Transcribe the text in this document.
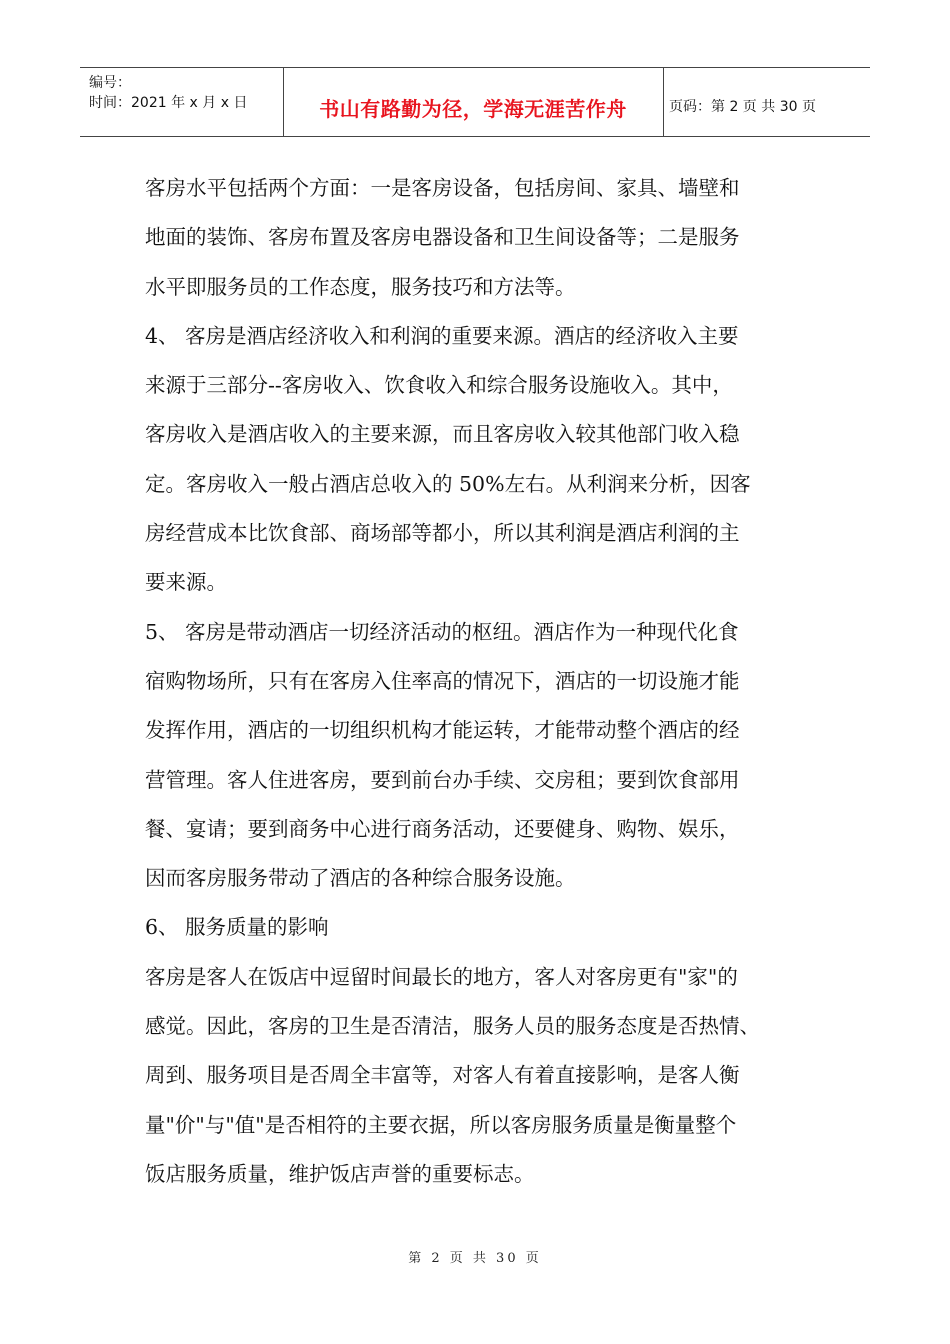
编号：
时间：2021 年 x 月 x 日	书山有路勤为径，学海无涯苦作舟	页码：第 2 页 共 30 页
客房水平包括两个方面：一是客房设备，包括房间、家具、墙壁和
地面的装饰、客房布置及客房电器设备和卫生间设备等；二是服务
水平即服务员的工作态度，服务技巧和方法等。
4、 客房是酒店经济收入和利润的重要来源。酒店的经济收入主要
来源于三部分--客房收入、饮食收入和综合服务设施收入。其中，
客房收入是酒店收入的主要来源，而且客房收入较其他部门收入稳
定。客房收入一般占酒店总收入的 50%左右。从利润来分析，因客
房经营成本比饮食部、商场部等都小，所以其利润是酒店利润的主
要来源。
5、 客房是带动酒店一切经济活动的枢纽。酒店作为一种现代化食
宿购物场所，只有在客房入住率高的情况下，酒店的一切设施才能
发挥作用，酒店的一切组织机构才能运转，才能带动整个酒店的经
营管理。客人住进客房，要到前台办手续、交房租；要到饮食部用
餐、宴请；要到商务中心进行商务活动，还要健身、购物、娱乐，
因而客房服务带动了酒店的各种综合服务设施。
6、 服务质量的影响
客房是客人在饭店中逗留时间最长的地方，客人对客房更有"家"的
感觉。因此，客房的卫生是否清洁，服务人员的服务态度是否热情、
周到、服务项目是否周全丰富等，对客人有着直接影响，是客人衡
量"价"与"值"是否相符的主要衣据，所以客房服务质量是衡量整个
饭店服务质量，维护饭店声誉的重要标志。
第 2 页 共 30 页
